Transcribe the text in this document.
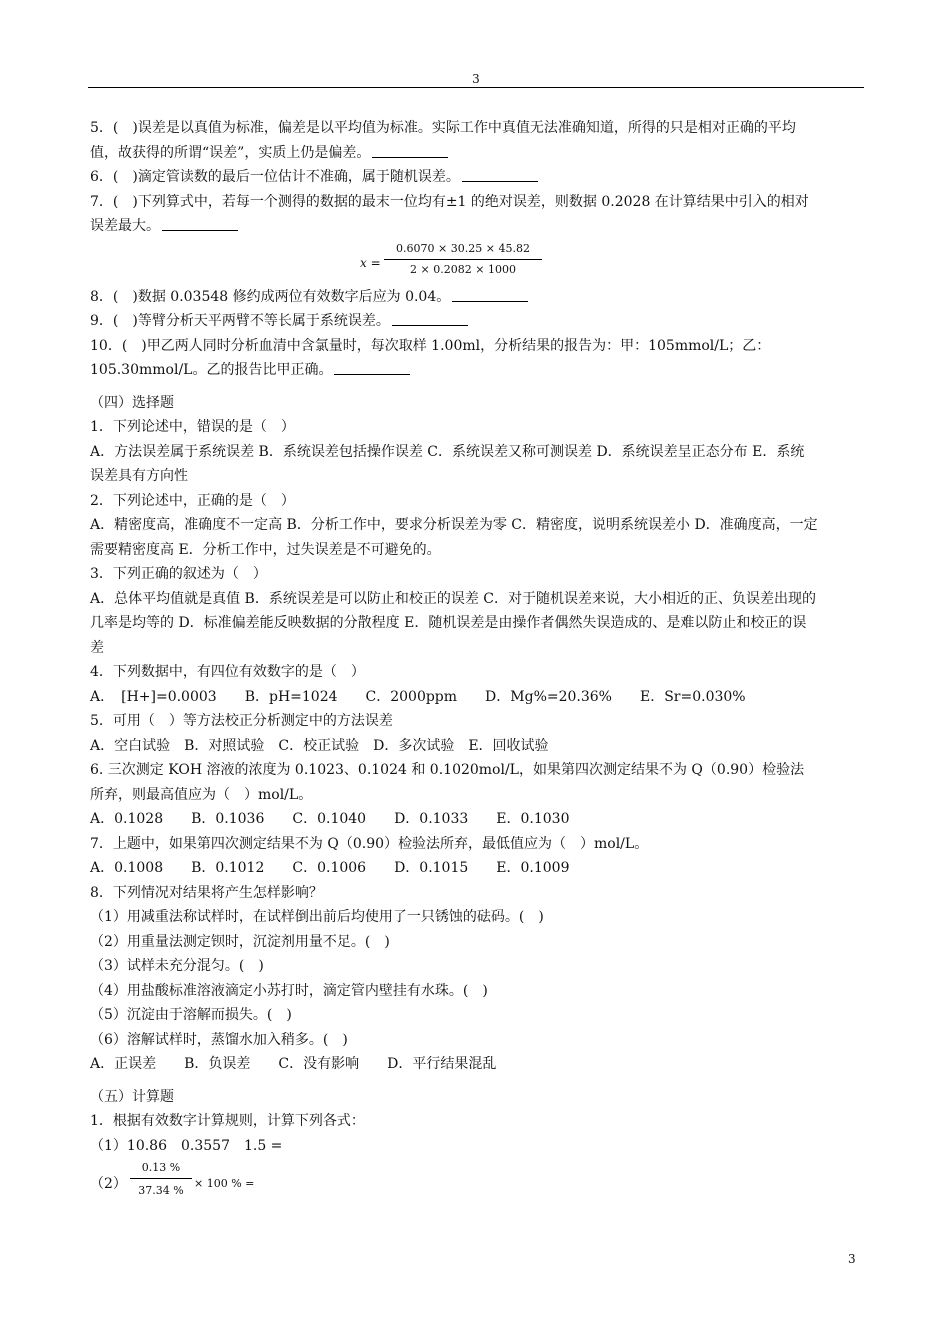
3

5．(　)误差是以真值为标准，偏差是以平均值为标准。实际工作中真值无法准确知道，所得的只是相对正确的平均值，故获得的所谓“误差”，实质上仍是偏差。

6．(　)滴定管读数的最后一位估计不准确，属于随机误差。

7．(　)下列算式中，若每一个测得的数据的最末一位均有±1 的绝对误差，则数据 0.2028 在计算结果中引入的相对误差最大。

$x = \frac{0.6070 \times 30.25 \times 45.82}{2 \times 0.2082 \times 1000}$

8．(　)数据 0.03548 修约成两位有效数字后应为 0.04。

9．(　)等臂分析天平两臂不等长属于系统误差。

10．(　)甲乙两人同时分析血清中含氯量时，每次取样 1.00ml，分析结果的报告为：甲：105mmol/L；乙：105.30mmol/L。乙的报告比甲正确。

（四）选择题

1．下列论述中，错误的是（　）

A．方法误差属于系统误差 B．系统误差包括操作误差 C．系统误差又称可测误差 D．系统误差呈正态分布 E．系统误差具有方向性

2．下列论述中，正确的是（　）

A．精密度高，准确度不一定高 B．分析工作中，要求分析误差为零 C．精密度，说明系统误差小 D．准确度高，一定需要精密度高 E．分析工作中，过失误差是不可避免的。

3．下列正确的叙述为（　）

A．总体平均值就是真值 B．系统误差是可以防止和校正的误差 C．对于随机误差来说，大小相近的正、负误差出现的几率是均等的 D．标准偏差能反映数据的分散程度 E．随机误差是由操作者偶然失误造成的、是难以防止和校正的误差

4．下列数据中，有四位有效数字的是（　）

A．　[H+]=0.0003　　B．pH=1024　　C．2000ppm　　D．Mg%=20.36%　　E．Sr=0.030%

5．可用（　）等方法校正分析测定中的方法误差

A．空白试验　B．对照试验　C．校正试验　D．多次试验　E．回收试验

6. 三次测定 KOH 溶液的浓度为 0.1023、0.1024 和 0.1020mol/L，如果第四次测定结果不为 Q（0.90）检验法所弃，则最高值应为（　）mol/L。

A．0.1028　　B．0.1036　　C．0.1040　　D．0.1033　　E．0.1030

7．上题中，如果第四次测定结果不为 Q（0.90）检验法所弃，最低值应为（　）mol/L。

A．0.1008　　B．0.1012　　C．0.1006　　D．0.1015　　E．0.1009

8．下列情况对结果将产生怎样影响？

（1）用减重法称试样时，在试样倒出前后均使用了一只锈蚀的砝码。(　)

（2）用重量法测定钡时，沉淀剂用量不足。(　)

（3）试样未充分混匀。(　)

（4）用盐酸标准溶液滴定小苏打时，滴定管内壁挂有水珠。(　)

（5）沉淀由于溶解而损失。(　)

（6）溶解试样时，蒸馏水加入稍多。(　)

A．正误差　　B．负误差　　C．没有影响　　D．平行结果混乱

（五）计算题

1．根据有效数字计算规则，计算下列各式：

（1）10.86　0.3557　1.5 =

$(2) \frac{0.13 \%}{37.34 \%} \times 100$ % =
3
